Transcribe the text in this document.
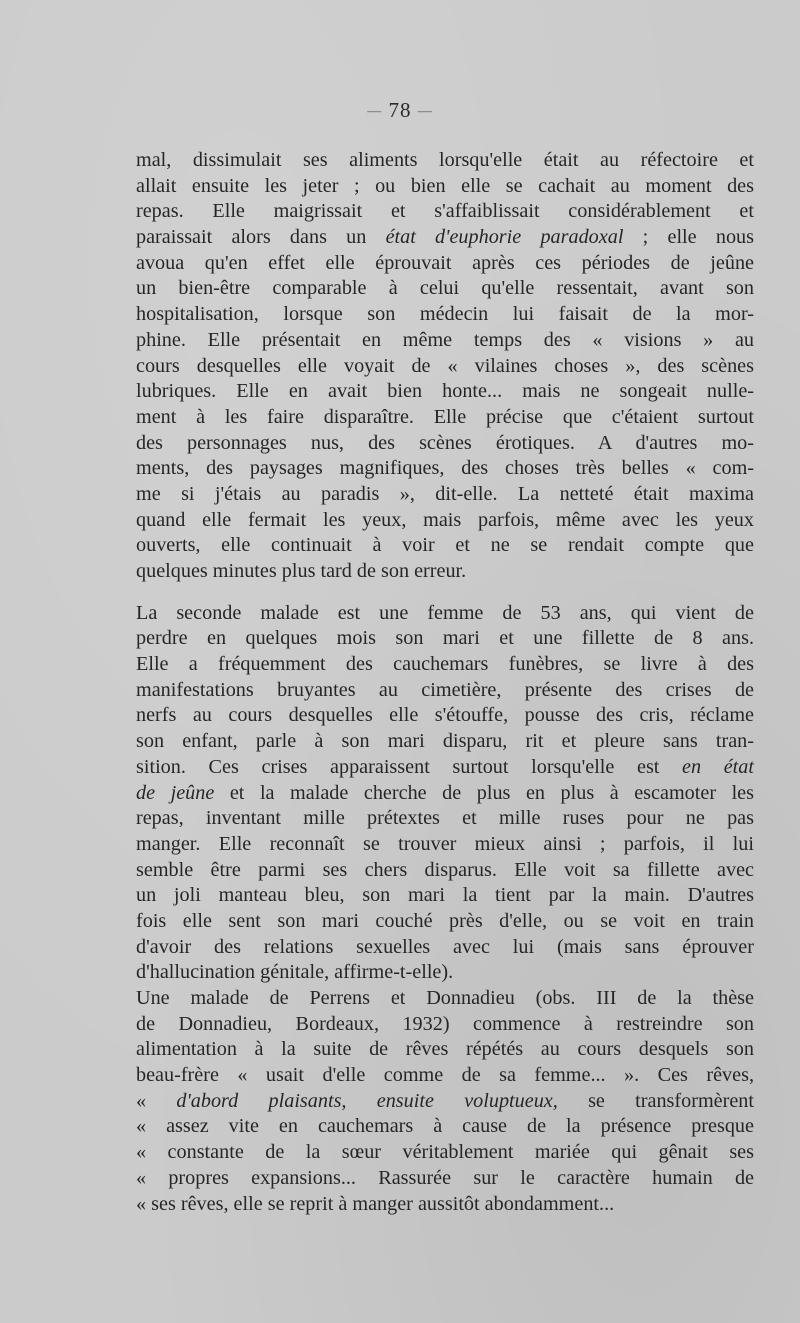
— 78 —
mal, dissimulait ses aliments lorsqu'elle était au réfectoire et
allait ensuite les jeter ; ou bien elle se cachait au moment des
repas. Elle maigrissait et s'affaiblissait considérablement et
paraissait alors dans un état d'euphorie paradoxal ; elle nous
avoua qu'en effet elle éprouvait après ces périodes de jeûne
un bien-être comparable à celui qu'elle ressentait, avant son
hospitalisation, lorsque son médecin lui faisait de la mor-
phine. Elle présentait en même temps des « visions » au
cours desquelles elle voyait de « vilaines choses », des scènes
lubriques. Elle en avait bien honte... mais ne songeait nulle-
ment à les faire disparaître. Elle précise que c'étaient surtout
des personnages nus, des scènes érotiques. A d'autres mo-
ments, des paysages magnifiques, des choses très belles « com-
me si j'étais au paradis », dit-elle. La netteté était maxima
quand elle fermait les yeux, mais parfois, même avec les yeux
ouverts, elle continuait à voir et ne se rendait compte que
quelques minutes plus tard de son erreur.
La seconde malade est une femme de 53 ans, qui vient de
perdre en quelques mois son mari et une fillette de 8 ans.
Elle a fréquemment des cauchemars funèbres, se livre à des
manifestations bruyantes au cimetière, présente des crises de
nerfs au cours desquelles elle s'étouffe, pousse des cris, réclame
son enfant, parle à son mari disparu, rit et pleure sans tran-
sition. Ces crises apparaissent surtout lorsqu'elle est en état
de jeûne et la malade cherche de plus en plus à escamoter les
repas, inventant mille prétextes et mille ruses pour ne pas
manger. Elle reconnaît se trouver mieux ainsi ; parfois, il lui
semble être parmi ses chers disparus. Elle voit sa fillette avec
un joli manteau bleu, son mari la tient par la main. D'autres
fois elle sent son mari couché près d'elle, ou se voit en train
d'avoir des relations sexuelles avec lui (mais sans éprouver
d'hallucination génitale, affirme-t-elle).
Une malade de Perrens et Donnadieu (obs. III de la thèse
de Donnadieu, Bordeaux, 1932) commence à restreindre son
alimentation à la suite de rêves répétés au cours desquels son
beau-frère « usait d'elle comme de sa femme... ». Ces rêves,
« d'abord plaisants, ensuite voluptueux, se transformèrent
« assez vite en cauchemars à cause de la présence presque
« constante de la sœur véritablement mariée qui gênait ses
« propres expansions... Rassurée sur le caractère humain de
« ses rêves, elle se reprit à manger aussitôt abondamment...
